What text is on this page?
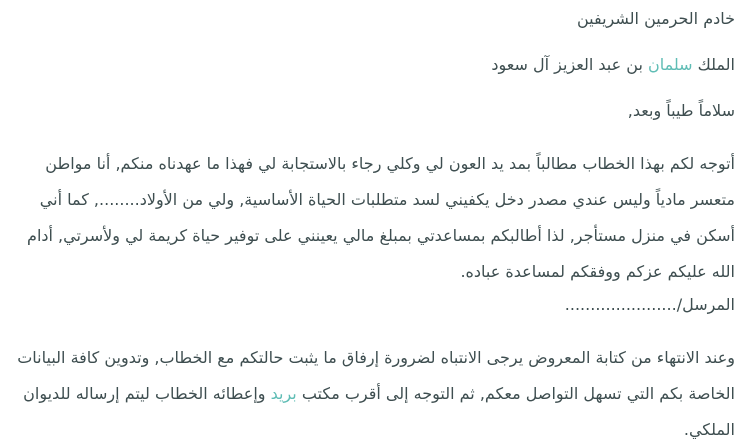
خادم الحرمين الشريفين

الملك سلمان بن عبد العزيز آل سعود

سلاماً طيباً وبعد,

أتوجه لكم بهذا الخطاب مطالباً بمد يد العون لي وكلي رجاء بالاستجابة لي فهذا ما عهدناه منكم, أنا مواطن متعسر مادياً وليس عندي مصدر دخل يكفيني لسد متطلبات الحياة الأساسية, ولي من الأولاد........, كما أني أسكن في منزل مستأجر, لذا أطالبكم بمساعدتي بمبلغ مالي يعينني على توفير حياة كريمة لي ولأسرتي, أدام الله عليكم عزكم ووفقكم لمساعدة عباده.

المرسل/......................

وعند الانتهاء من كتابة المعروض يرجى الانتباه لضرورة إرفاق ما يثبت حالتكم مع الخطاب, وتدوين كافة البيانات الخاصة بكم التي تسهل التواصل معكم, ثم التوجه إلى أقرب مكتب بريد وإعطائه الخطاب ليتم إرساله للديوان الملكي.
